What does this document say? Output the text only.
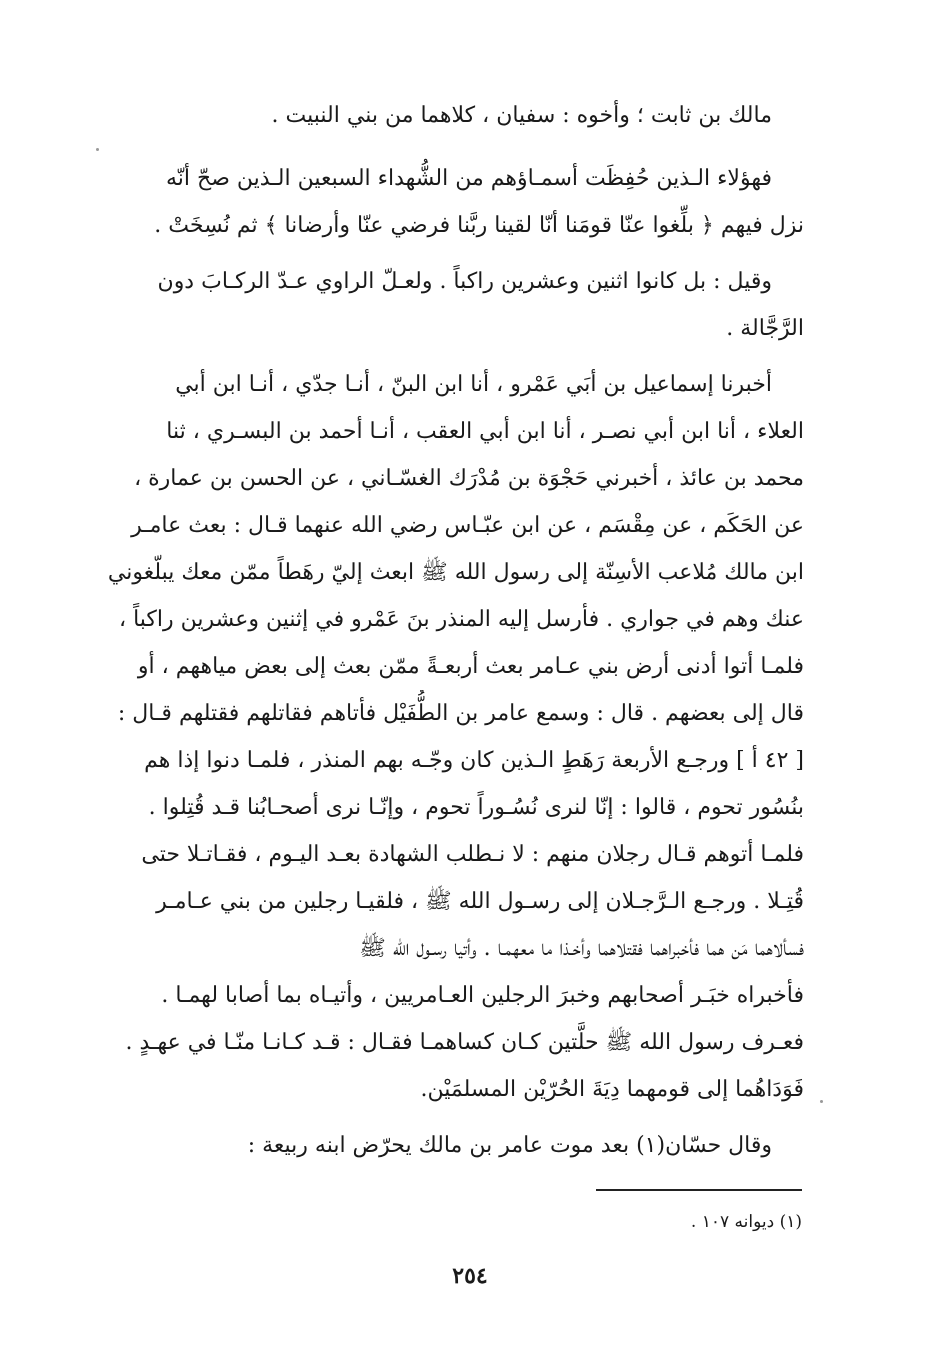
مالك بن ثابت ؛ وأخوه : سفيان ، كلاهما من بني النبيت .
فهؤلاء الـذين حُفِظَت أسمـاؤهم من الشُّهداء السبعين الـذين صحّ أنّه
نزل فيهم ﴿ بلِّغوا عنّا قومَنا أنّا لقينا ربَّنا فرضي عنّا وأرضانا ﴾ ثم نُسِخَتْ .
وقيل : بل كانوا اثنين وعشرين راكباً . ولعـلّ الراوي عـدّ الركـابَ دون
الرَّجَّالة .
أخبرنا إسماعيل بن أبَي عَمْرو ، أنا ابن البنّ ، أنـا جدّي ، أنـا ابن أبي
العلاء ، أنا ابن أبي نصـر ، أنا ابن أبي العقب ، أنـا أحمد بن البسـري ، ثنا
محمد بن عائذ ، أخبرني حَجْوَة بن مُدْرَك الغسّـاني ، عن الحسن بن عمارة ،
عن الحَكَم ، عن مِقْسَم ، عن ابن عبّـاس رضي الله عنهما قـال : بعث عامـر
ابن مالك مُلاعب الأسِنّة إلى رسول الله ﷺ ابعث إليّ رهَطاً ممّن معك يبلّغوني
عنك وهم في جواري . فأرسل إليه المنذر بنَ عَمْرو في إثنين وعشرين راكباً ،
فلمـا أتوا أدنى أرض بني عـامر بعث أربعـةً ممّن بعث إلى بعض مياههم ، أو
قال إلى بعضهم . قال : وسمع عامر بن الطُّفَيْل فأتاهم فقاتلهم فقتلهم قـال :
[ ٤٢ أ ] ورجـع الأربعة رَهَطٍ الـذين كان وجّـه بهم المنذر ، فلمـا دنوا إذا هم
بنُسُور تحوم ، قالوا : إنّا لنرى نُسُـوراً تحوم ، وإنّـا نرى أصحـابُنا قـد قُتِلوا .
فلمـا أتوهم قـال رجلان منهم : لا نـطلب الشهادة بعـد اليـوم ، فقـاتـلا حتى
قُتِـلا . ورجـع الـرَّجـلان إلى رسـول الله ﷺ ، فلقيـا رجلين من بني عـامـر
فسألاهما مَن هما فأخبراهما فقتلاهما وأخـذا ما معهمـا . وأتيا رسـول الله ﷺ
فأخبراه خبَـر أصحابهم وخبرَ الرجلين العـامريين ، وأتيـاه بما أصابا لهمـا .
فعـرف رسول الله ﷺ حلَّتين كـان كساهمـا فقـال : قـد كـانـا منّـا في عهـدٍ .
فَوَدَاهُما إلى قومهما دِيَةَ الحُرّيْن المسلمَيْن.
وقال حسّان(١) بعد موت عامر بن مالك يحرّض ابنه ربيعة :
(١) ديوانه ١٠٧ .
٢٥٤
